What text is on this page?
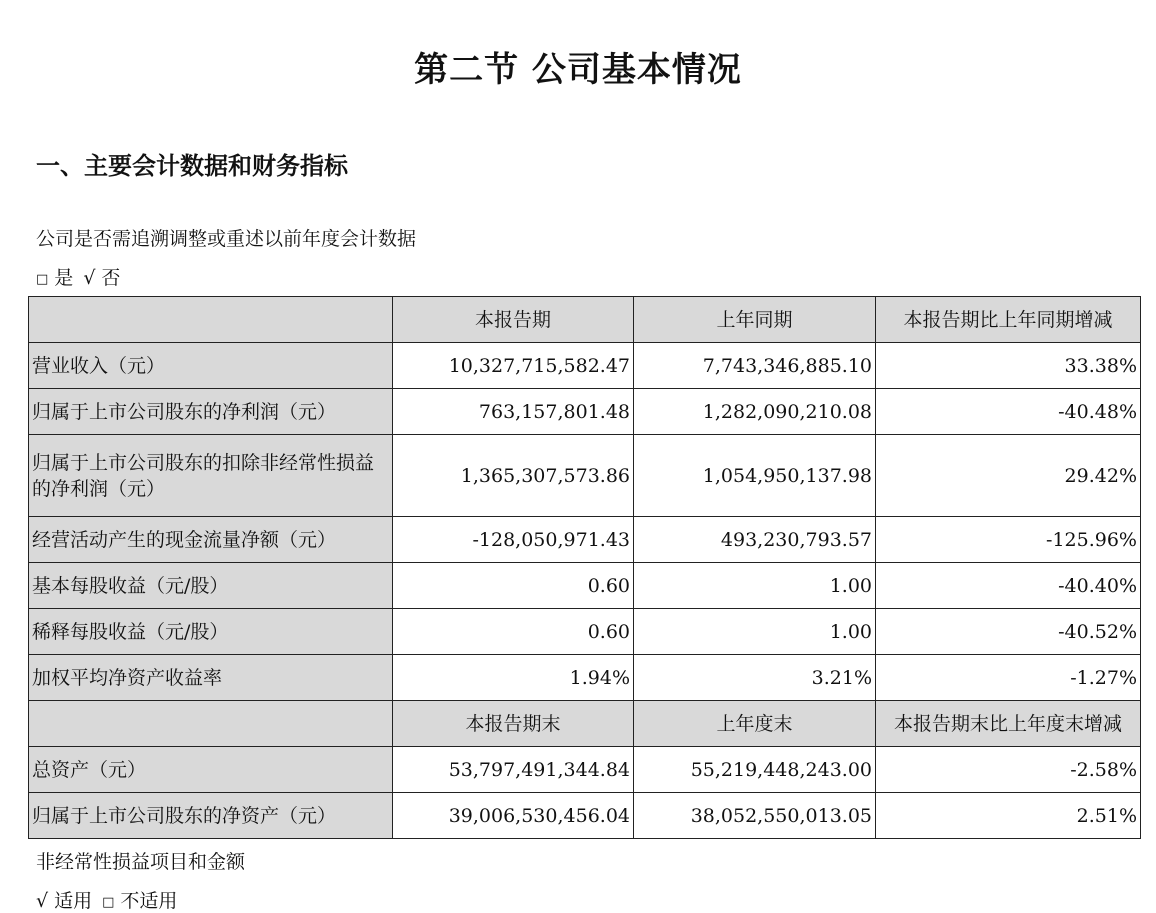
第二节 公司基本情况
一、主要会计数据和财务指标
公司是否需追溯调整或重述以前年度会计数据
□ 是 √ 否
	本报告期	上年同期	本报告期比上年同期增减
营业收入（元）	10,327,715,582.47	7,743,346,885.10	33.38%
归属于上市公司股东的净利润（元）	763,157,801.48	1,282,090,210.08	-40.48%
归属于上市公司股东的扣除非经常性损益的净利润（元）	1,365,307,573.86	1,054,950,137.98	29.42%
经营活动产生的现金流量净额（元）	-128,050,971.43	493,230,793.57	-125.96%
基本每股收益（元/股）	0.60	1.00	-40.40%
稀释每股收益（元/股）	0.60	1.00	-40.52%
加权平均净资产收益率	1.94%	3.21%	-1.27%
	本报告期末	上年度末	本报告期末比上年度末增减
总资产（元）	53,797,491,344.84	55,219,448,243.00	-2.58%
归属于上市公司股东的净资产（元）	39,006,530,456.04	38,052,550,013.05	2.51%
非经常性损益项目和金额
√ 适用 □ 不适用
